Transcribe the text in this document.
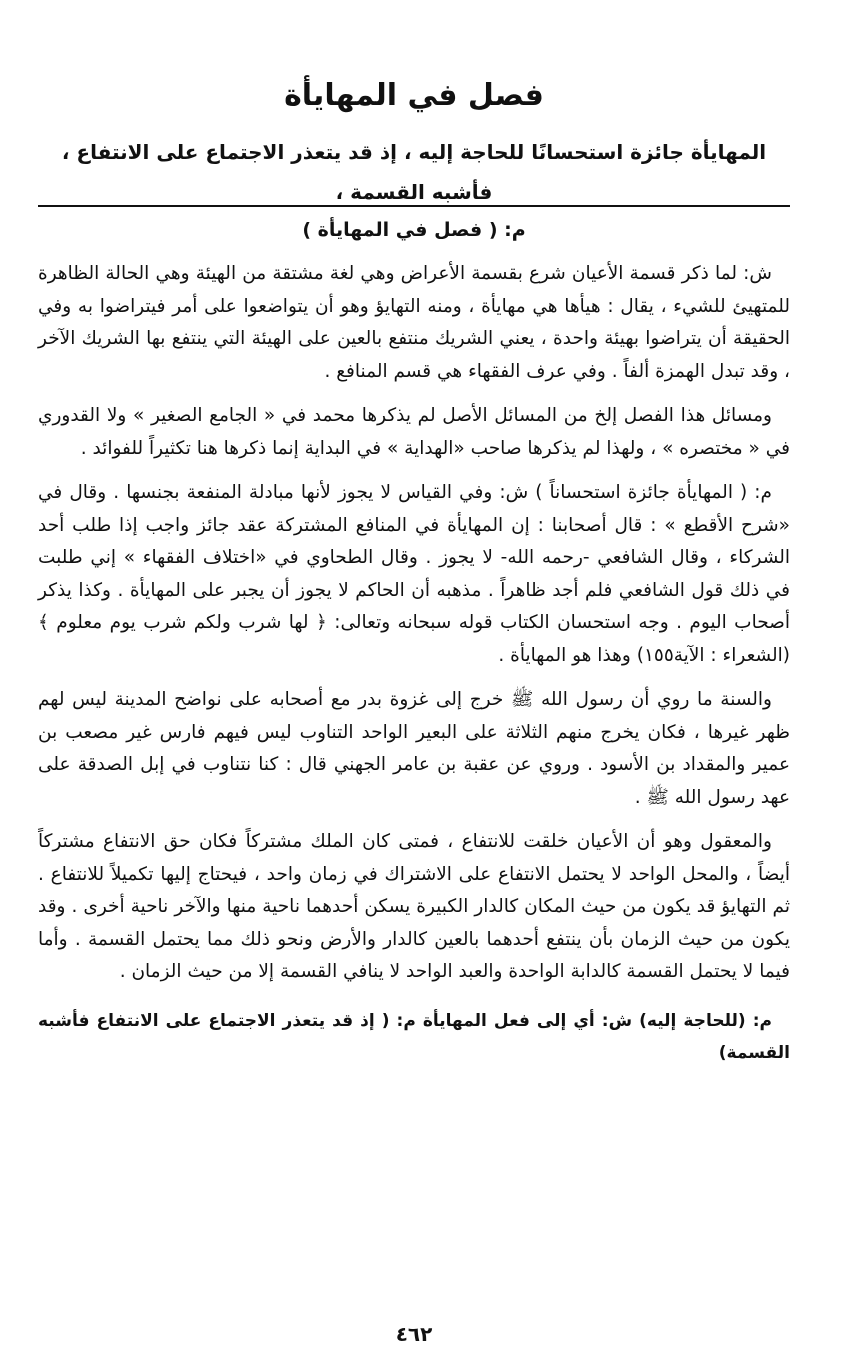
فصل في المهايأة

المهايأة جائزة استحسانًا للحاجة إليه ، إذ قد يتعذر الاجتماع على الانتفاع ، فأشبه القسمة ،

م: ( فصل في المهايأة )

ش: لما ذكر قسمة الأعيان شرع بقسمة الأعراض وهي لغة مشتقة من الهيئة وهي الحالة الظاهرة للمتهيئ للشيء ، يقال : هيأها هي مهايأة ، ومنه التهايؤ وهو أن يتواضعوا على أمر فيتراضوا به وفي الحقيقة أن يتراضوا بهيئة واحدة ، يعني الشريك منتفع بالعين على الهيئة التي ينتفع بها الشريك الآخر ، وقد تبدل الهمزة ألفاً . وفي عرف الفقهاء هي قسم المنافع .

ومسائل هذا الفصل إلخ من المسائل الأصل لم يذكرها محمد في « الجامع الصغير » ولا القدوري في « مختصره » ، ولهذا لم يذكرها صاحب «الهداية » في البداية إنما ذكرها هنا تكثيراً للفوائد .

م: ( المهايأة جائزة استحساناً ) ش: وفي القياس لا يجوز لأنها مبادلة المنفعة بجنسها . وقال في «شرح الأقطع » : قال أصحابنا : إن المهايأة في المنافع المشتركة عقد جائز واجب إذا طلب أحد الشركاء ، وقال الشافعي -رحمه الله- لا يجوز . وقال الطحاوي في «اختلاف الفقهاء » إني طلبت في ذلك قول الشافعي فلم أجد ظاهراً . مذهبه أن الحاكم لا يجوز أن يجبر على المهايأة . وكذا يذكر أصحاب اليوم . وجه استحسان الكتاب قوله سبحانه وتعالى: ﴿ لها شرب ولكم شرب يوم معلوم ﴾ (الشعراء : الآية١٥٥) وهذا هو المهايأة .

والسنة ما روي أن رسول الله ﷺ خرج إلى غزوة بدر مع أصحابه على نواضح المدينة ليس لهم ظهر غيرها ، فكان يخرج منهم الثلاثة على البعير الواحد التناوب ليس فيهم فارس غير مصعب بن عمير والمقداد بن الأسود . وروي عن عقبة بن عامر الجهني قال : كنا نتناوب في إبل الصدقة على عهد رسول الله ﷺ .

والمعقول وهو أن الأعيان خلقت للانتفاع ، فمتى كان الملك مشتركاً فكان حق الانتفاع مشتركاً أيضاً ، والمحل الواحد لا يحتمل الانتفاع على الاشتراك في زمان واحد ، فيحتاج إليها تكميلاً للانتفاع . ثم التهايؤ قد يكون من حيث المكان كالدار الكبيرة يسكن أحدهما ناحية منها والآخر ناحية أخرى . وقد يكون من حيث الزمان بأن ينتفع أحدهما بالعين كالدار والأرض ونحو ذلك مما يحتمل القسمة . وأما فيما لا يحتمل القسمة كالدابة الواحدة والعبد الواحد لا ينافي القسمة إلا من حيث الزمان .

م: (للحاجة إليه) ش: أي إلى فعل المهايأة م: ( إذ قد يتعذر الاجتماع على الانتفاع فأشبه القسمة)

٤٦٢
